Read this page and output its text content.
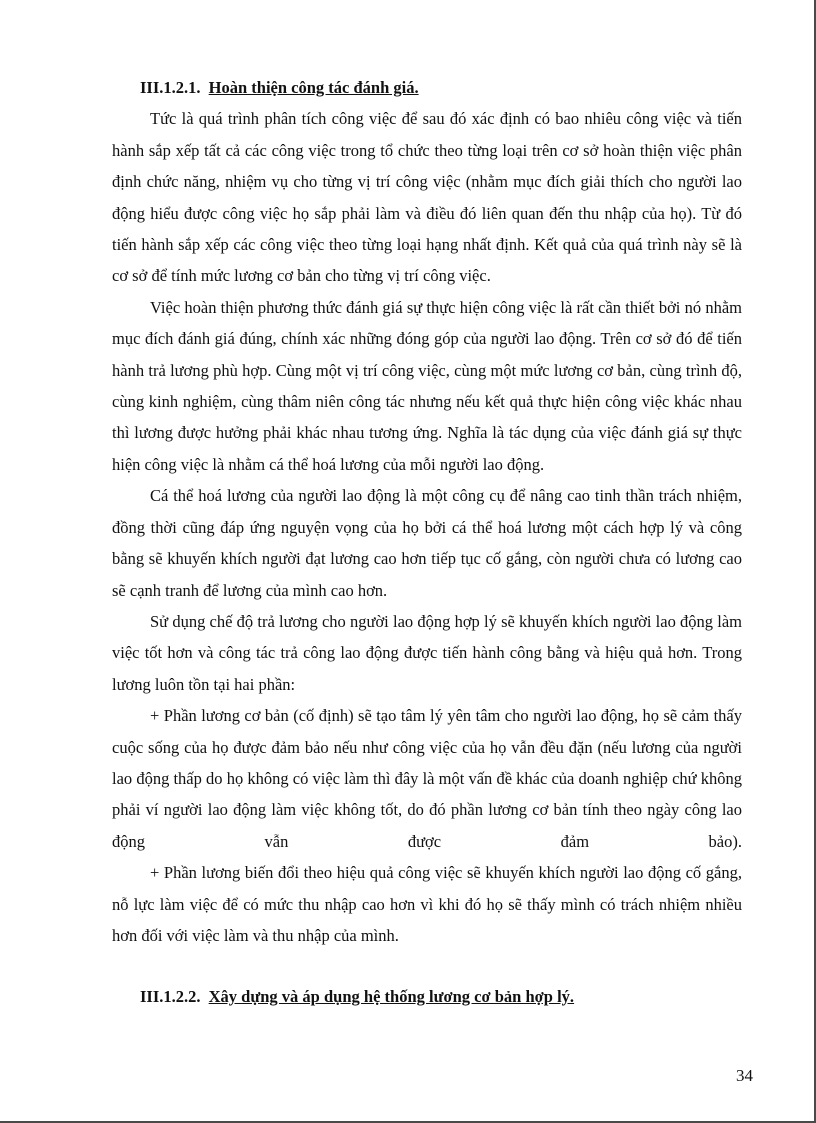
III.1.2.1. Hoàn thiện công tác đánh giá.

Tức là quá trình phân tích công việc để sau đó xác định có bao nhiêu công việc và tiến hành sắp xếp tất cả các công việc trong tổ chức theo từng loại trên cơ sở hoàn thiện việc phân định chức năng, nhiệm vụ cho từng vị trí công việc (nhằm mục đích giải thích cho người lao động hiểu được công việc họ sắp phải làm và điều đó liên quan đến thu nhập của họ). Từ đó tiến hành sắp xếp các công việc theo từng loại hạng nhất định. Kết quả của quá trình này sẽ là cơ sở để tính mức lương cơ bản cho từng vị trí công việc.

Việc hoàn thiện phương thức đánh giá sự thực hiện công việc là rất cần thiết bởi nó nhằm mục đích đánh giá đúng, chính xác những đóng góp của người lao động. Trên cơ sở đó để tiến hành trả lương phù hợp. Cùng một vị trí công việc, cùng một mức lương cơ bản, cùng trình độ, cùng kinh nghiệm, cùng thâm niên công tác nhưng nếu kết quả thực hiện công việc khác nhau thì lương được hưởng phải khác nhau tương ứng. Nghĩa là tác dụng của việc đánh giá sự thực hiện công việc là nhằm cá thể hoá lương của mỗi người lao động.

Cá thể hoá lương của người lao động là một công cụ để nâng cao tinh thần trách nhiệm, đồng thời cũng đáp ứng nguyện vọng của họ bởi cá thể hoá lương một cách hợp lý và công bằng sẽ khuyến khích người đạt lương cao hơn tiếp tục cố gắng, còn người chưa có lương cao sẽ cạnh tranh để lương của mình cao hơn.

Sử dụng chế độ trả lương cho người lao động hợp lý sẽ khuyến khích người lao động làm việc tốt hơn và công tác trả công lao động được tiến hành công bằng và hiệu quả hơn. Trong lương luôn tồn tại hai phần:

+ Phần lương cơ bản (cố định) sẽ tạo tâm lý yên tâm cho người lao động, họ sẽ cảm thấy cuộc sống của họ được đảm bảo nếu như công việc của họ vẫn đều đặn (nếu lương của người lao động thấp do họ không có việc làm thì đây là một vấn đề khác của doanh nghiệp chứ không phải ví người lao động làm việc không tốt, do đó phần lương cơ bản tính theo ngày công lao động vẫn được đảm bảo).

+ Phần lương biến đổi theo hiệu quả công việc sẽ khuyến khích người lao động cố gắng, nỗ lực làm việc để có mức thu nhập cao hơn vì khi đó họ sẽ thấy mình có trách nhiệm nhiều hơn đối với việc làm và thu nhập của mình.

III.1.2.2. Xây dựng và áp dụng hệ thống lương cơ bản hợp lý.
34
